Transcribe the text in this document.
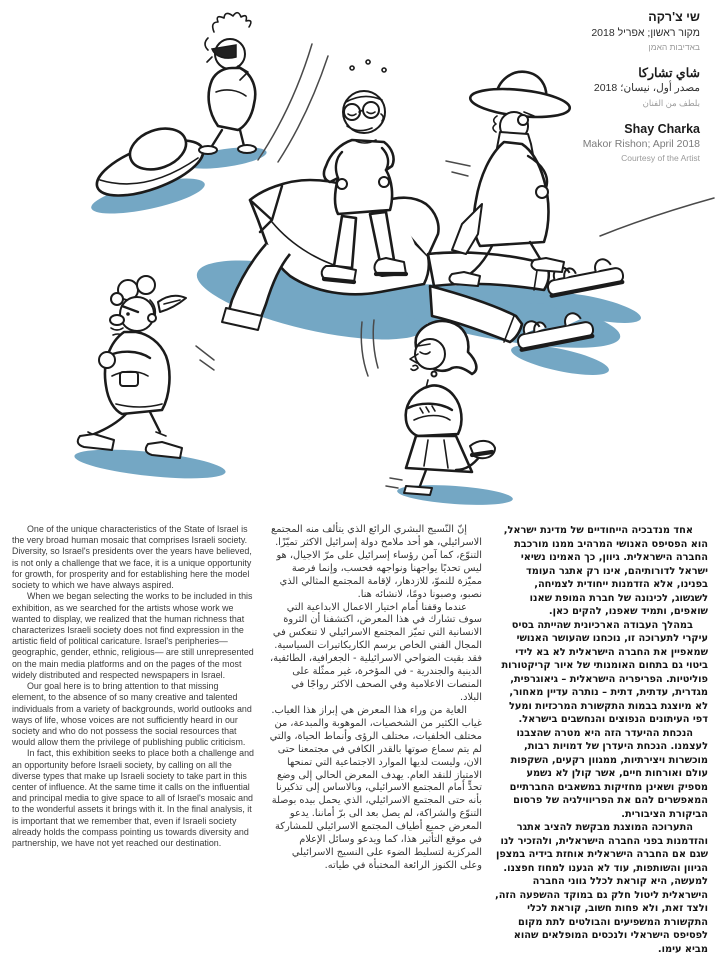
שי צ'רקה
מקור ראשון; אפריל 2018
באדיבות האמן
شاي تشاركا
مصدر أول، نيسان؛ 2018
بلطف من الفنان
Shay Charka
Makor Rishon; April 2018
Courtesy of the Artist

One of the unique characteristics of the State of Israel is the very broad human mosaic that comprises Israeli society. Diversity, so Israel's presidents over the years have believed, is not only a challenge that we face, it is a unique opportunity for growth, for prosperity and for establishing here the model society to which we have always aspired.

When we began selecting the works to be included in this exhibition, as we searched for the artists whose work we wanted to display, we realized that the human richness that characterizes Israeli society does not find expression in the artistic field of political caricature. Israel's peripheries— geographic, gender, ethnic, religious— are still unrepresented on the main media platforms and on the pages of the most widely distributed and respected newspapers in Israel.

Our goal here is to bring attention to that missing element, to the absence of so many creative and talented individuals from a variety of backgrounds, world outlooks and ways of life, whose voices are not sufficiently heard in our society and who do not possess the social resources that would allow them the privilege of publishing public criticism.

In fact, this exhibition seeks to place both a challenge and an opportunity before Israeli society, by calling on all the diverse types that make up Israeli society to take part in this center of influence. At the same time it calls on the influential and principal media to give space to all of Israel's mosaic and to the wonderful assets it brings with it. In the final analysis, it is important that we remember that, even if Israeli society already holds the compass pointing us towards diversity and partnership, we have not yet reached our destination.

إنّ النّسيج البشري الرائع الذي يتألف منه المجتمع الاسرائيلي، هو أحد ملامح دولة إسرائيل الاكثر تميّزًا. التنوّع، كما آمن رؤساء إسرائيل على مرّ الاجيال، هو ليس تحديًا يواجهنا ونواجهه فحسب، وإنما فرصة مميّزة للنموّ، للازدهار، لإقامة المجتمع المثالي الذي نصبو، وصبونا دومًا، لانشائه هنا.

عندما وقفنا أمام اختيار الاعمال الابداعية التي سوف تشارك في هذا المعرض، اكتشفنا أن الثروة الانسانية التي تميّز المجتمع الاسرائيلي لا تنعكس في المجال الفني الخاص برسم الكاريكاتيرات السياسية. فقد بقيت الضواحي الاسرائيلية - الجغرافية، الطائفية، الدينية والجندرية - في المؤخرة، غير ممثّلة على المنصات الاعلامية وفي الصحف الاكثر رواجًا في البلاد.

الغاية من وراء هذا المعرض هي إبراز هذا الغياب. غياب الكثير من الشخصيات، الموهوبة والمبدعة، من مختلف الخلفيات، مختلف الرؤى وأنماط الحياة، والتي لم يتم سماع صوتها بالقدر الكافي في مجتمعنا حتى الان، وليست لديها الموارد الاجتماعية التي تمنحها الامتياز للنقد العام. يهدف المعرض الحالي إلى وضع تحدٍّ أمام المجتمع الاسرائيلي، وبالاساس إلى تذكيرنا بأنه حتى المجتمع الاسرائيلي، الذي يحمل بيده بوصلة التنوّع والشراكة، لم يصل بعد الى برّ أماننا. يدعو المعرض جميع أطياف المجتمع الاسرائيلي للمشاركة في موقع التأثير هذا، كما ويدعو وسائل الإعلام المركزية لتسليط الضوء على النسيج الاسرائيلي وعلى الكنوز الرائعة المختبأة في طياته.

אחד מנדבכיה הייחודיים של מדינת ישראל, הוא הפסיפס האנושי המרהיב ממנו מורכבת החברה הישראלית. גיוון, כך האמינו נשיאי ישראל לדורותיהם, אינו רק אתגר העומד בפנינו, אלא הזדמנות ייחודית לצמיחה, לשגשוג, לכינונה של חברת המופת שאנו שואפים, ותמיד שאפנו, להקים כאן.

במהלך העבודה הארכיונית שהייתה בסיס עיקרי לתערוכה זו, נוכחנו שהעושר האנושי שמאפיין את החברה הישראלית לא בא לידי ביטוי גם בתחום האומנותי של איור קריקטורות פוליטיות. הפריפריה הישראלית – גיאוגרפית, מגדרית, עדתית, דתית – נותרה עדיין מאחור, לא מיוצגת בבמות התקשורת המרכזיות ומעל דפי העיתונים הנפוצים והנחשבים בישראל.

הנכחת ההיעדר הזה היא מטרה שהצבנו לעצמנו. הנכחת היעדרן של דמויות רבות, מוכשרות ויצירתיות, ממגוון רקעים, השקפות עולם ואורחות חיים, אשר קולן לא נשמע מספיק ושאינן מחזיקות במשאבים החברתיים המאפשרים להם את הפריווילגיה של פרסום הביקורת הציבורית.

התערוכה המוצגת מבקשת להציב אתגר והזדמנות בפני החברה הישראלית, ולהזכיר לנו שגם אם החברה הישראלית אוחזת בידיה במצפן הגיוון והשותפות, עוד לא הגענו למחוז חפצנו. למעשה, היא קוראת לכלל גווני החברה הישראלית ליטול חלק גם במוקד ההשפעה הזה, ולצד זאת, ולא פחות חשוב, קוראת לכלי התקשורת המשפיעים והבולטים לתת מקום לפסיפס הישראלי ולנכסים המופלאים שהוא מביא עימו.
